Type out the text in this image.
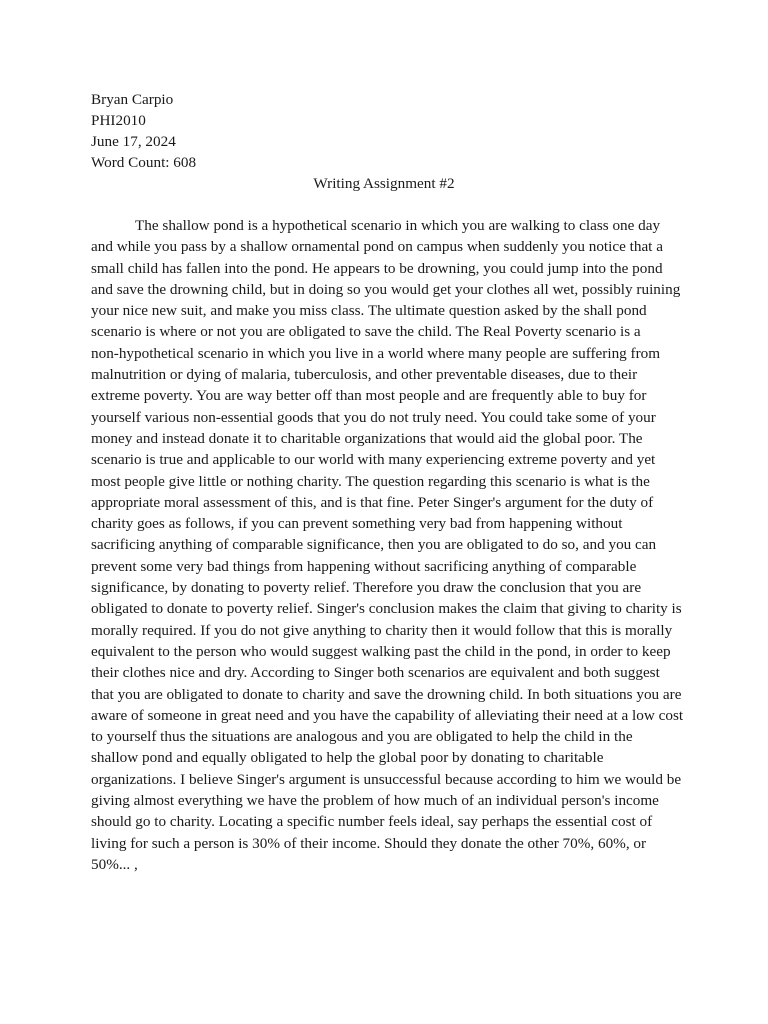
Bryan Carpio
PHI2010
June 17, 2024
Word Count: 608
Writing Assignment #2
The shallow pond is a hypothetical scenario in which you are walking to class one day
and while you pass by a shallow ornamental pond on campus when suddenly you notice that a
small child has fallen into the pond. He appears to be drowning, you could jump into the pond
and save the drowning child, but in doing so you would get your clothes all wet, possibly ruining
your nice new suit, and make you miss class. The ultimate question asked by the shall pond
scenario is where or not you are obligated to save the child. The Real Poverty scenario is a
non-hypothetical scenario in which you live in a world where many people are suffering from
malnutrition or dying of malaria, tuberculosis, and other preventable diseases, due to their
extreme poverty. You are way better off than most people and are frequently able to buy for
yourself various non-essential goods that you do not truly need. You could take some of your
money and instead donate it to charitable organizations that would aid the global poor. The
scenario is true and applicable to our world with many experiencing extreme poverty and yet
most people give little or nothing charity. The question regarding this scenario is what is the
appropriate moral assessment of this, and is that fine. Peter Singer's argument for the duty of
charity goes as follows, if you can prevent something very bad from happening without
sacrificing anything of comparable significance, then you are obligated to do so, and you can
prevent some very bad things from happening without sacrificing anything of comparable
significance, by donating to poverty relief. Therefore you draw the conclusion that you are
obligated to donate to poverty relief. Singer's conclusion makes the claim that giving to charity is
morally required. If you do not give anything to charity then it would follow that this is morally
equivalent to the person who would suggest walking past the child in the pond, in order to keep
their clothes nice and dry. According to Singer both scenarios are equivalent and both suggest
that you are obligated to donate to charity and save the drowning child. In both situations you are
aware of someone in great need and you have the capability of alleviating their need at a low cost
to yourself thus the situations are analogous and you are obligated to help the child in the
shallow pond and equally obligated to help the global poor by donating to charitable
organizations. I believe Singer's argument is unsuccessful because according to him we would be
giving almost everything we have the problem of how much of an individual person's income
should go to charity. Locating a specific number feels ideal, say perhaps the essential cost of
living for such a person is 30% of their income. Should they donate the other 70%, 60%, or
50%... ,
